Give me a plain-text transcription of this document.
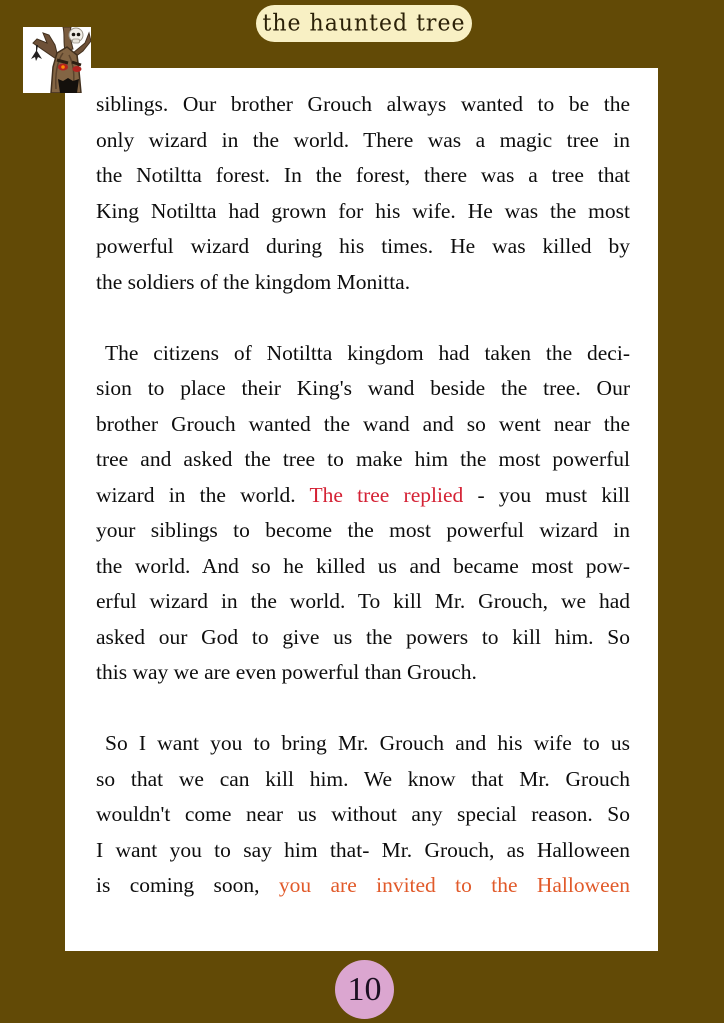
the haunted tree
siblings. Our brother Grouch always wanted to be the
only wizard in the world. There was a magic tree in
the Notiltta forest. In the forest, there was a tree that
King Notiltta had grown for his wife. He was the most
powerful wizard during his times. He was killed by
the soldiers of the kingdom Monitta.
The citizens of Notiltta kingdom had taken the deci-
sion to place their King's wand beside the tree. Our
brother Grouch wanted the wand and so went near the
tree and asked the tree to make him the most powerful
wizard in the world. The tree replied - you must kill
your siblings to become the most powerful wizard in
the world. And so he killed us and became most pow-
erful wizard in the world. To kill Mr. Grouch, we had
asked our God to give us the powers to kill him. So
this way we are even powerful than Grouch.
So I want you to bring Mr. Grouch and his wife to us
so that we can kill him. We know that Mr. Grouch
wouldn't come near us without any special reason. So
I want you to say him that- Mr. Grouch, as Halloween
is coming soon, you are invited to the Halloween
10
